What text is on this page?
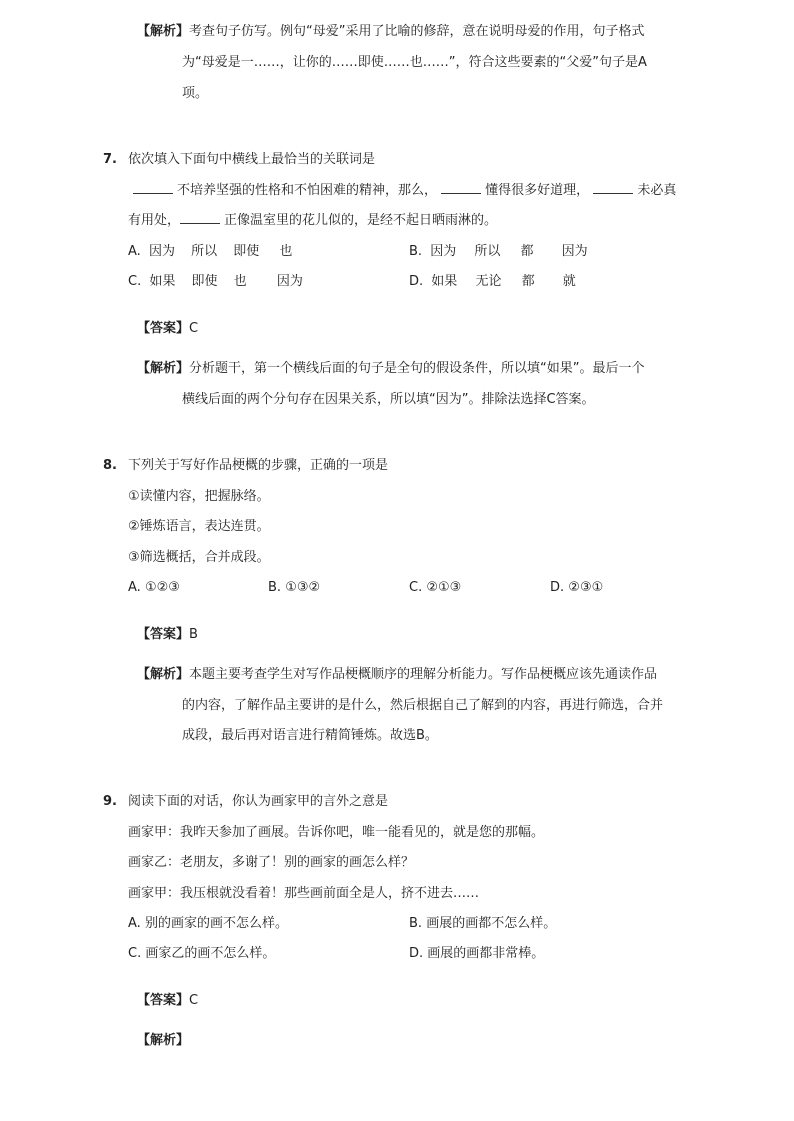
【解析】 考查句子仿写。例句“母爱”采用了比喻的修辞，意在说明母爱的作用，句子格式
为“母爱是一……，让你的……即使……也……”，符合这些要素的“父爱”句子是A
项。
7. 依次填入下面句中横线上最恰当的关联词是
不培养坚强的性格和不怕困难的精神，那么，	懂得很多好道理，	未必真
有用处，	正像温室里的花儿似的，是经不起日晒雨淋的。
A. 因为 所以 即使 也	B. 因为 所以 都 因为
C. 如果 即使 也 因为	D. 如果 无论 都 就
【答案】C
【解析】 分析题干，第一个横线后面的句子是全句的假设条件，所以填“如果”。最后一个
横线后面的两个分句存在因果关系，所以填“因为”。排除法选择C答案。
8. 下列关于写好作品梗概的步骤，正确的一项是
①读懂内容，把握脉络。
②锤炼语言，表达连贯。
③筛选概括，合并成段。
A. ①②③	B. ①③②	C. ②①③	D. ②③①
【答案】B
【解析】 本题主要考查学生对写作品梗概顺序的理解分析能力。写作品梗概应该先通读作品
的内容，了解作品主要讲的是什么，然后根据自己了解到的内容，再进行筛选，合并
成段，最后再对语言进行精简锤炼。故选B。
9. 阅读下面的对话，你认为画家甲的言外之意是
画家甲：我昨天参加了画展。告诉你吧，唯一能看见的，就是您的那幅。
画家乙：老朋友，多谢了！别的画家的画怎么样？
画家甲：我压根就没看着！那些画前面全是人，挤不进去……
A. 别的画家的画不怎么样。	B. 画展的画都不怎么样。
C. 画家乙的画不怎么样。	D. 画展的画都非常棒。
【答案】C
【解析】
